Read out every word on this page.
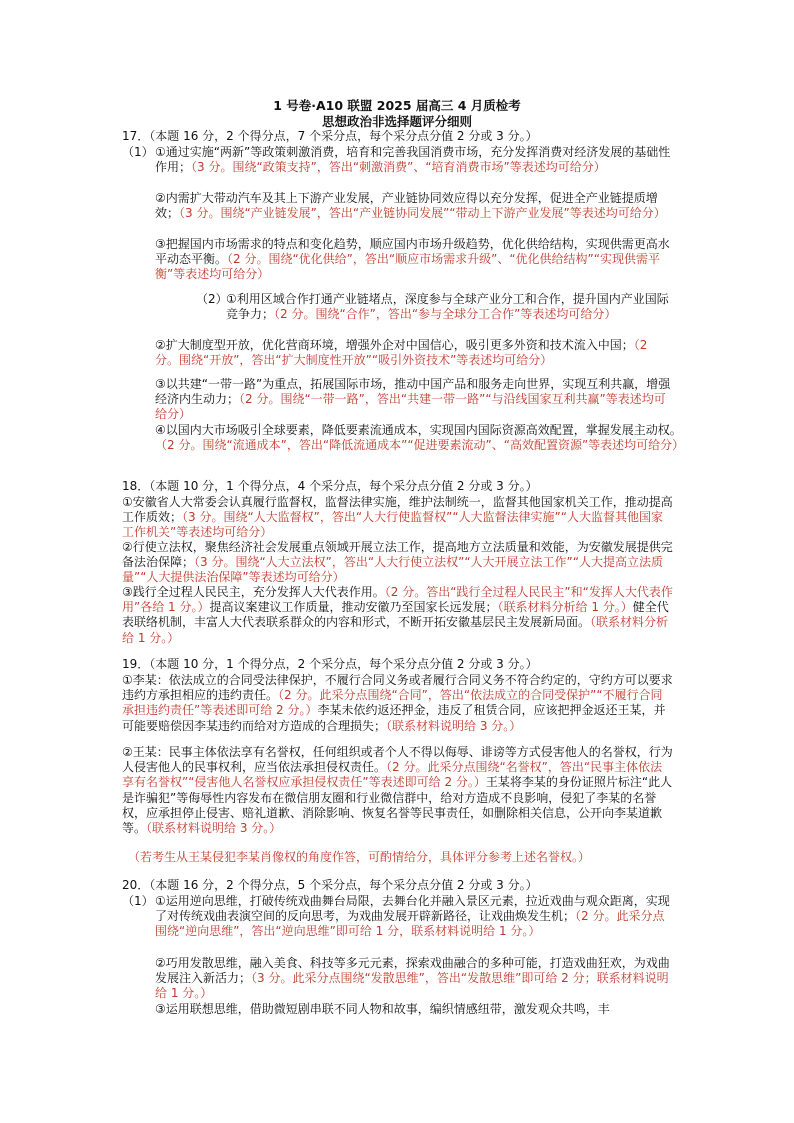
1 号卷·A10 联盟 2025 届高三 4 月质检考
思想政治非选择题评分细则
17．（本题 16 分，2 个得分点，7 个采分点，每个采分点分值 2 分或 3 分。）
（1） ①通过实施“两新”等政策刺激消费，培育和完善我国消费市场，充分发挥消费对经济发展的基础性作用；（3 分。围绕“政策支持”，答出“刺激消费”、“培育消费市场”等表述均可给分）
②内需扩大带动汽车及其上下游产业发展，产业链协同效应得以充分发挥，促进全产业链提质增效；（3 分。围绕“产业链发展”，答出“产业链协同发展”“带动上下游产业发展”等表述均可给分）
③把握国内市场需求的特点和变化趋势，顺应国内市场升级趋势，优化供给结构，实现供需更高水平动态平衡。（2 分。围绕“优化供给”，答出“顺应市场需求升级”、“优化供给结构”“实现供需平衡”等表述均可给分）
（2）
①利用区域合作打通产业链堵点，深度参与全球产业分工和合作，提升国内产业国际竞争力；（2 分。围绕“合作”，答出“参与全球分工合作”等表述均可给分）
②扩大制度型开放，优化营商环境，增强外企对中国信心，吸引更多外资和技术流入中国；（2 分。围绕“开放”，答出“扩大制度性开放”“吸引外资技术”等表述均可给分）
③以共建“一带一路”为重点，拓展国际市场，推动中国产品和服务走向世界，实现互利共赢，增强经济内生动力；（2 分。围绕“一带一路”，答出“共建一带一路”“与沿线国家互利共赢”等表述均可给分）
④以国内大市场吸引全球要素，降低要素流通成本，实现国内国际资源高效配置，掌握发展主动权。（2 分。围绕“流通成本”，答出“降低流通成本”“促进要素流动”、“高效配置资源”等表述均可给分）
18．（本题 10 分，1 个得分点，4 个采分点，每个采分点分值 2 分或 3 分。）
①安徽省人大常委会认真履行监督权，监督法律实施，维护法制统一，监督其他国家机关工作，推动提高工作质效；（3 分。围绕“人大监督权”，答出“人大行使监督权”“人大监督法律实施”“人大监督其他国家工作机关”等表述均可给分）
②行使立法权，聚焦经济社会发展重点领域开展立法工作，提高地方立法质量和效能，为安徽发展提供完备法治保障；（3 分。围绕“人大立法权”，答出“人大行使立法权”“人大开展立法工作”“人大提高立法质量”“人大提供法治保障”等表述均可给分）
③践行全过程人民民主，充分发挥人大代表作用。（2 分。答出“践行全过程人民民主”和“发挥人大代表作用”各给 1 分。）提高议案建议工作质量，推动安徽乃至国家长远发展；（联系材料分析给 1 分。）健全代表联络机制，丰富人大代表联系群众的内容和形式，不断开拓安徽基层民主发展新局面。（联系材料分析给 1 分。）
19．（本题 10 分，1 个得分点，2 个采分点，每个采分点分值 2 分或 3 分。）
①李某：依法成立的合同受法律保护，不履行合同义务或者履行合同义务不符合约定的，守约方可以要求违约方承担相应的违约责任。（2 分。此采分点围绕“合同”，答出“依法成立的合同受保护”“不履行合同承担违约责任”等表述即可给 2 分。）李某未依约返还押金，违反了租赁合同，应该把押金返还王某，并可能要赔偿因李某违约而给对方造成的合理损失；（联系材料说明给 3 分。）
②王某：民事主体依法享有名誉权，任何组织或者个人不得以侮辱、诽谤等方式侵害他人的名誉权，行为人侵害他人的民事权利，应当依法承担侵权责任。（2 分。此采分点围绕“名誉权”，答出“民事主体依法享有名誉权”“侵害他人名誉权应承担侵权责任”等表述即可给 2 分。）王某将李某的身份证照片标注“此人是诈骗犯”等侮辱性内容发布在微信朋友圈和行业微信群中，给对方造成不良影响，侵犯了李某的名誉权，应承担停止侵害、赔礼道歉、消除影响、恢复名誉等民事责任，如删除相关信息，公开向李某道歉等。（联系材料说明给 3 分。）
（若考生从王某侵犯李某肖像权的角度作答，可酌情给分，具体评分参考上述名誉权。）
20．（本题 16 分，2 个得分点，5 个采分点，每个采分点分值 2 分或 3 分。）
（1） ①运用逆向思维，打破传统戏曲舞台局限，去舞台化并融入景区元素，拉近戏曲与观众距离，实现了对传统戏曲表演空间的反向思考，为戏曲发展开辟新路径，让戏曲焕发生机；（2 分。此采分点围绕“逆向思维”，答出“逆向思维”即可给 1 分，联系材料说明给 1 分。）
②巧用发散思维，融入美食、科技等多元元素，探索戏曲融合的多种可能，打造戏曲狂欢，为戏曲发展注入新活力；（3 分。此采分点围绕“发散思维”，答出“发散思维”即可给 2 分；联系材料说明给 1 分。）
③运用联想思维，借助微短剧串联不同人物和故事，编织情感纽带，激发观众共鸣，丰
